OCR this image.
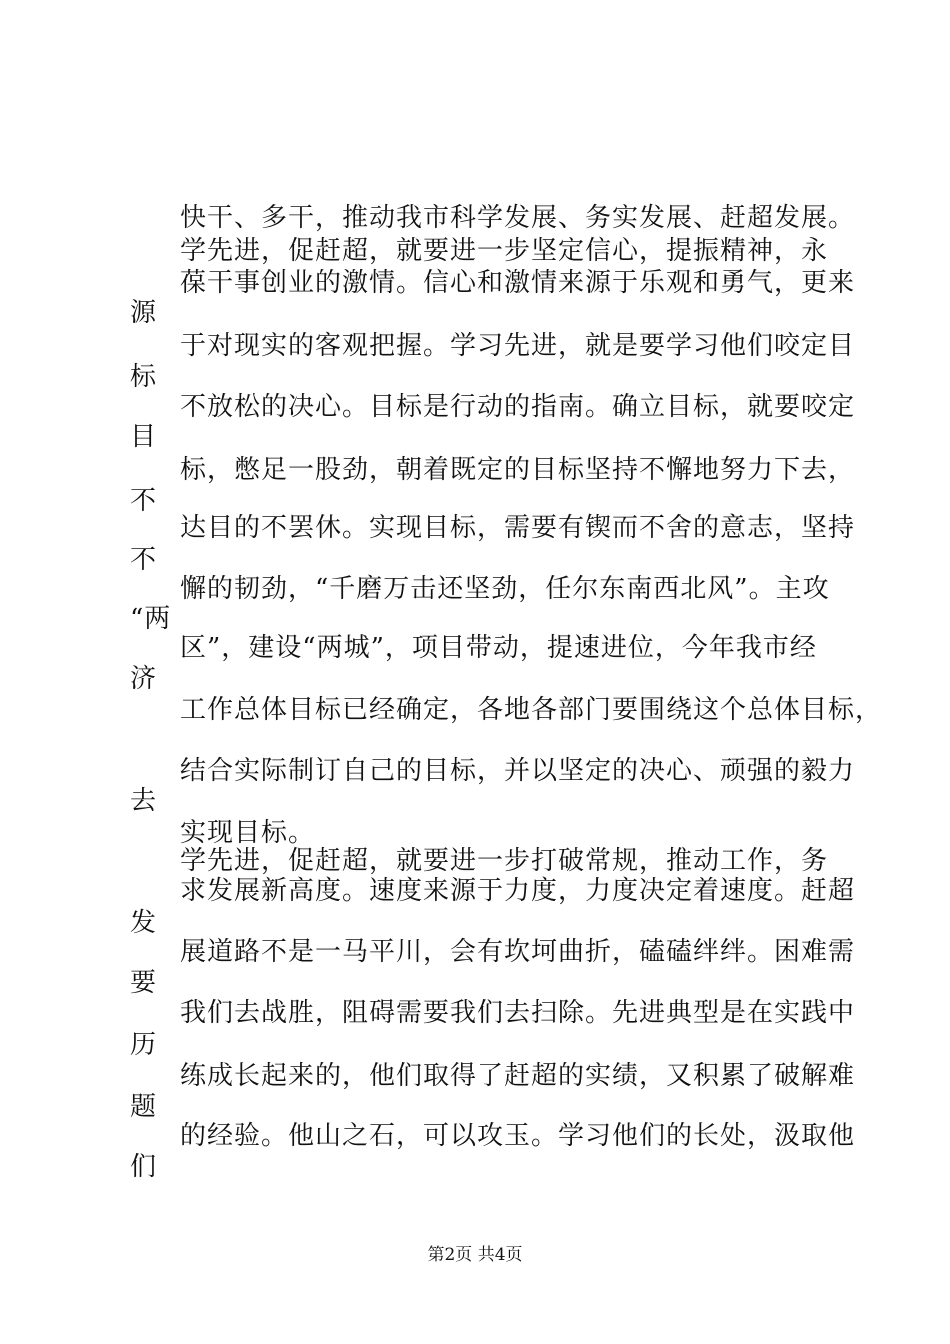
快干、多干，推动我市科学发展、务实发展、赶超发展。
学先进，促赶超，就要进一步坚定信心，提振精神，永
葆干事创业的激情。信心和激情来源于乐观和勇气，更来
源
于对现实的客观把握。学习先进，就是要学习他们咬定目
标
不放松的决心。目标是行动的指南。确立目标，就要咬定
目
标，憋足一股劲，朝着既定的目标坚持不懈地努力下去，
不
达目的不罢休。实现目标，需要有锲而不舍的意志，坚持
不
懈的韧劲，“千磨万击还坚劲，任尔东南西北风”。主攻
“两
区”，建设“两城”，项目带动，提速进位，今年我市经
济
工作总体目标已经确定，各地各部门要围绕这个总体目标，
结合实际制订自己的目标，并以坚定的决心、顽强的毅力
去
实现目标。
学先进，促赶超，就要进一步打破常规，推动工作，务
求发展新高度。速度来源于力度，力度决定着速度。赶超
发
展道路不是一马平川，会有坎坷曲折，磕磕绊绊。困难需
要
我们去战胜，阻碍需要我们去扫除。先进典型是在实践中
历
练成长起来的，他们取得了赶超的实绩，又积累了破解难
题
的经验。他山之石，可以攻玉。学习他们的长处，汲取他
们
第2页 共4页
